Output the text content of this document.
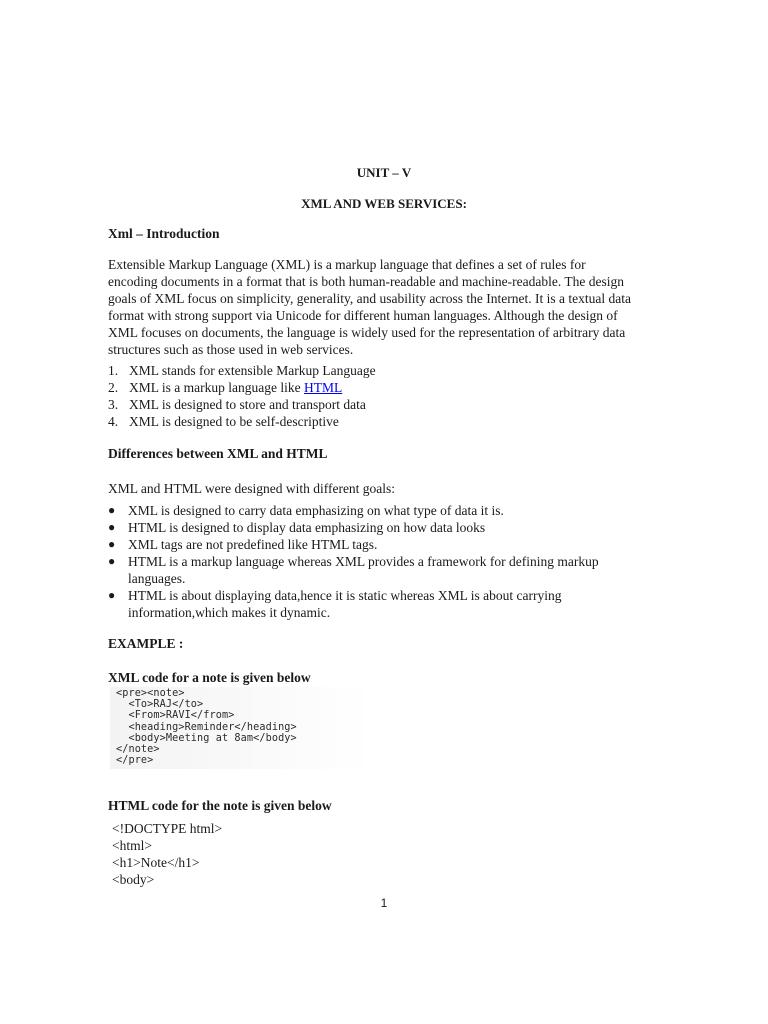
UNIT – V
XML AND WEB SERVICES:
Xml – Introduction
Extensible Markup Language (XML) is a markup language that defines a set of rules for
encoding documents in a format that is both human-readable and machine-readable. The design
goals of XML focus on simplicity, generality, and usability across the Internet. It is a textual data
format with strong support via Unicode for different human languages. Although the design of
XML focuses on documents, the language is widely used for the representation of arbitrary data
structures such as those used in web services.
1. XML stands for extensible Markup Language
2. XML is a markup language like HTML
3. XML is designed to store and transport data
4. XML is designed to be self-descriptive
Differences between XML and HTML
XML and HTML were designed with different goals:
● XML is designed to carry data emphasizing on what type of data it is.
● HTML is designed to display data emphasizing on how data looks
● XML tags are not predefined like HTML tags.
● HTML is a markup language whereas XML provides a framework for defining markup
languages.
● HTML is about displaying data,hence it is static whereas XML is about carrying
information,which makes it dynamic.
EXAMPLE :
XML code for a note is given below
<pre><note>
<To>RAJ</to>
<From>RAVI</from>
<heading>Reminder</heading>
<body>Meeting at 8am</body>
</note>
</pre>
HTML code for the note is given below
<!DOCTYPE html>
<html>
<h1>Note</h1>
<body>
1
